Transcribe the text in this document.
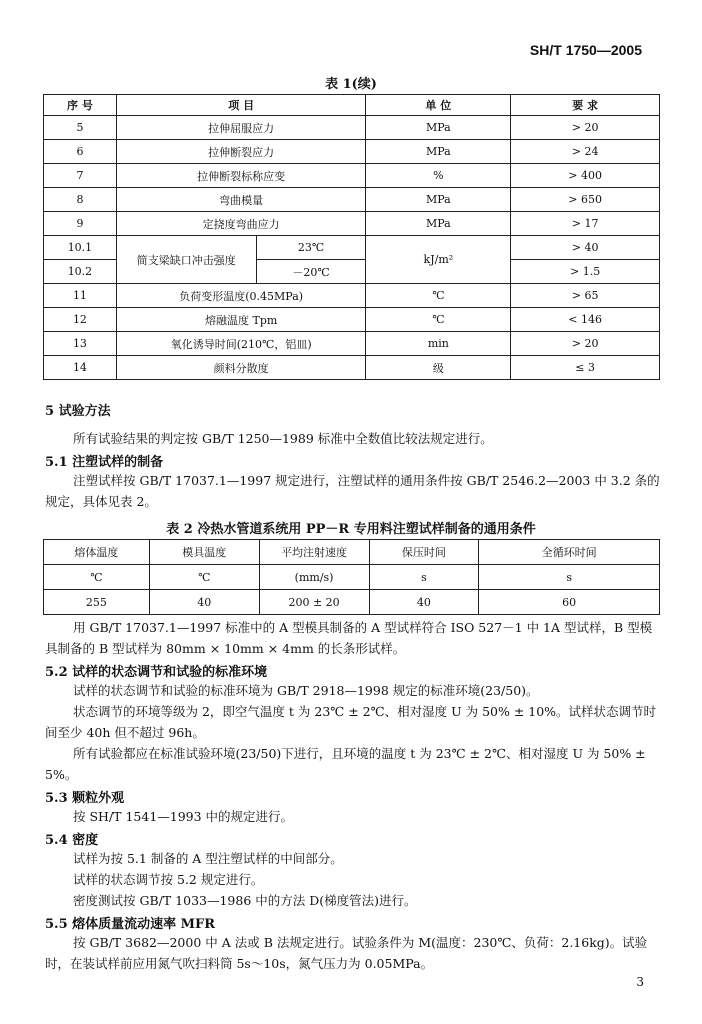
SH/T 1750—2005
表 1(续)
序 号	项 目		单 位	要 求
5	拉伸屈服应力		MPa	> 20
6	拉伸断裂应力		MPa	> 24
7	拉伸断裂标称应变		%	> 400
8	弯曲模量		MPa	> 650
9	定挠度弯曲应力		MPa	> 17
10.1	简支梁缺口冲击强度	23℃	kJ/m²	> 40
10.2		－20℃		> 1.5
11	负荷变形温度(0.45MPa)		℃	> 65
12	熔融温度 Tpm		℃	< 146
13	氧化诱导时间(210℃，铝皿)		min	> 20
14	颜料分散度		级	≤ 3
5 试验方法
所有试验结果的判定按 GB/T 1250—1989 标准中全数值比较法规定进行。
5.1 注塑试样的制备
注塑试样按 GB/T 17037.1—1997 规定进行，注塑试样的通用条件按 GB/T 2546.2—2003 中 3.2 条的规定，具体见表 2。
表 2 冷热水管道系统用 PP－R 专用料注塑试样制备的通用条件
熔体温度	模具温度	平均注射速度	保压时间	全循环时间
℃	℃	(mm/s)	s	s
255	40	200 ± 20	40	60
用 GB/T 17037.1—1997 标准中的 A 型模具制备的 A 型试样符合 ISO 527－1 中 1A 型试样，B 型模具制备的 B 型试样为 80mm × 10mm × 4mm 的长条形试样。
5.2 试样的状态调节和试验的标准环境
试样的状态调节和试验的标准环境为 GB/T 2918—1998 规定的标准环境(23/50)。
状态调节的环境等级为 2，即空气温度 t 为 23℃ ± 2℃、相对湿度 U 为 50% ± 10%。试样状态调节时间至少 40h 但不超过 96h。
所有试验都应在标准试验环境(23/50)下进行，且环境的温度 t 为 23℃ ± 2℃、相对湿度 U 为 50% ± 5%。
5.3 颗粒外观
按 SH/T 1541—1993 中的规定进行。
5.4 密度
试样为按 5.1 制备的 A 型注塑试样的中间部分。
试样的状态调节按 5.2 规定进行。
密度测试按 GB/T 1033—1986 中的方法 D(梯度管法)进行。
5.5 熔体质量流动速率 MFR
按 GB/T 3682—2000 中 A 法或 B 法规定进行。试验条件为 M(温度：230℃、负荷：2.16kg)。试验时，在装试样前应用氮气吹扫料筒 5s～10s，氮气压力为 0.05MPa。
3
